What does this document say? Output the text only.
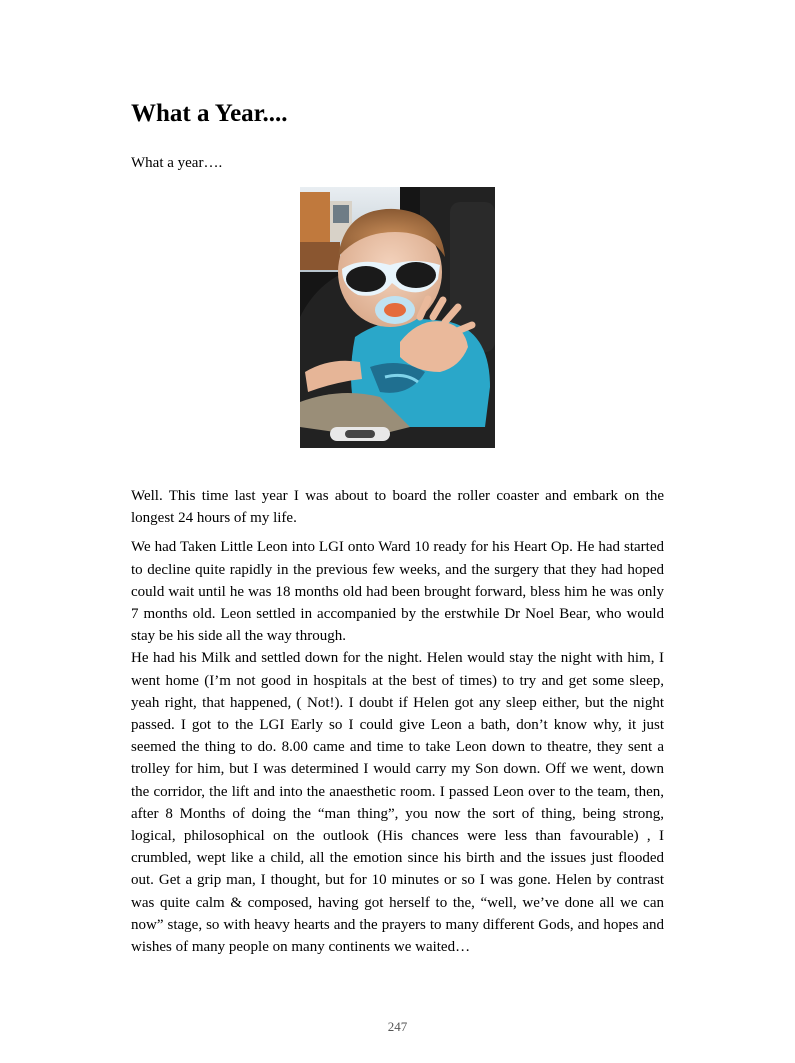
What a Year....

What a year….

Well. This time last year I was about to board the roller coaster and embark on the longest 24 hours of my life.

We had Taken Little Leon into LGI onto Ward 10 ready for his Heart Op. He had started to decline quite rapidly in the previous few weeks, and the surgery that they had hoped could wait until he was 18 months old had been brought forward, bless him he was only 7 months old. Leon settled in accompanied by the erstwhile Dr Noel Bear, who would stay be his side all the way through.

He had his Milk and settled down for the night. Helen would stay the night with him, I went home (I’m not good in hospitals at the best of times) to try and get some sleep, yeah right, that happened, ( Not!). I doubt if Helen got any sleep either, but the night passed. I got to the LGI Early so I could give Leon a bath, don’t know why, it just seemed the thing to do. 8.00 came and time to take Leon down to theatre, they sent a trolley for him, but I was determined I would carry my Son down. Off we went, down the corridor, the lift and into the anaesthetic room. I passed Leon over to the team, then, after 8 Months of doing the “man thing”, you now the sort of thing, being strong, logical, philosophical on the outlook (His chances were less than favourable) , I crumbled, wept like a child, all the emotion since his birth and the issues just flooded out. Get a grip man, I thought, but for 10 minutes or so I was gone. Helen by contrast was quite calm & composed, having got herself to the, “well, we’ve done all we can now” stage, so with heavy hearts and the prayers to many different Gods, and hopes and wishes of many people on many continents we waited…

247
